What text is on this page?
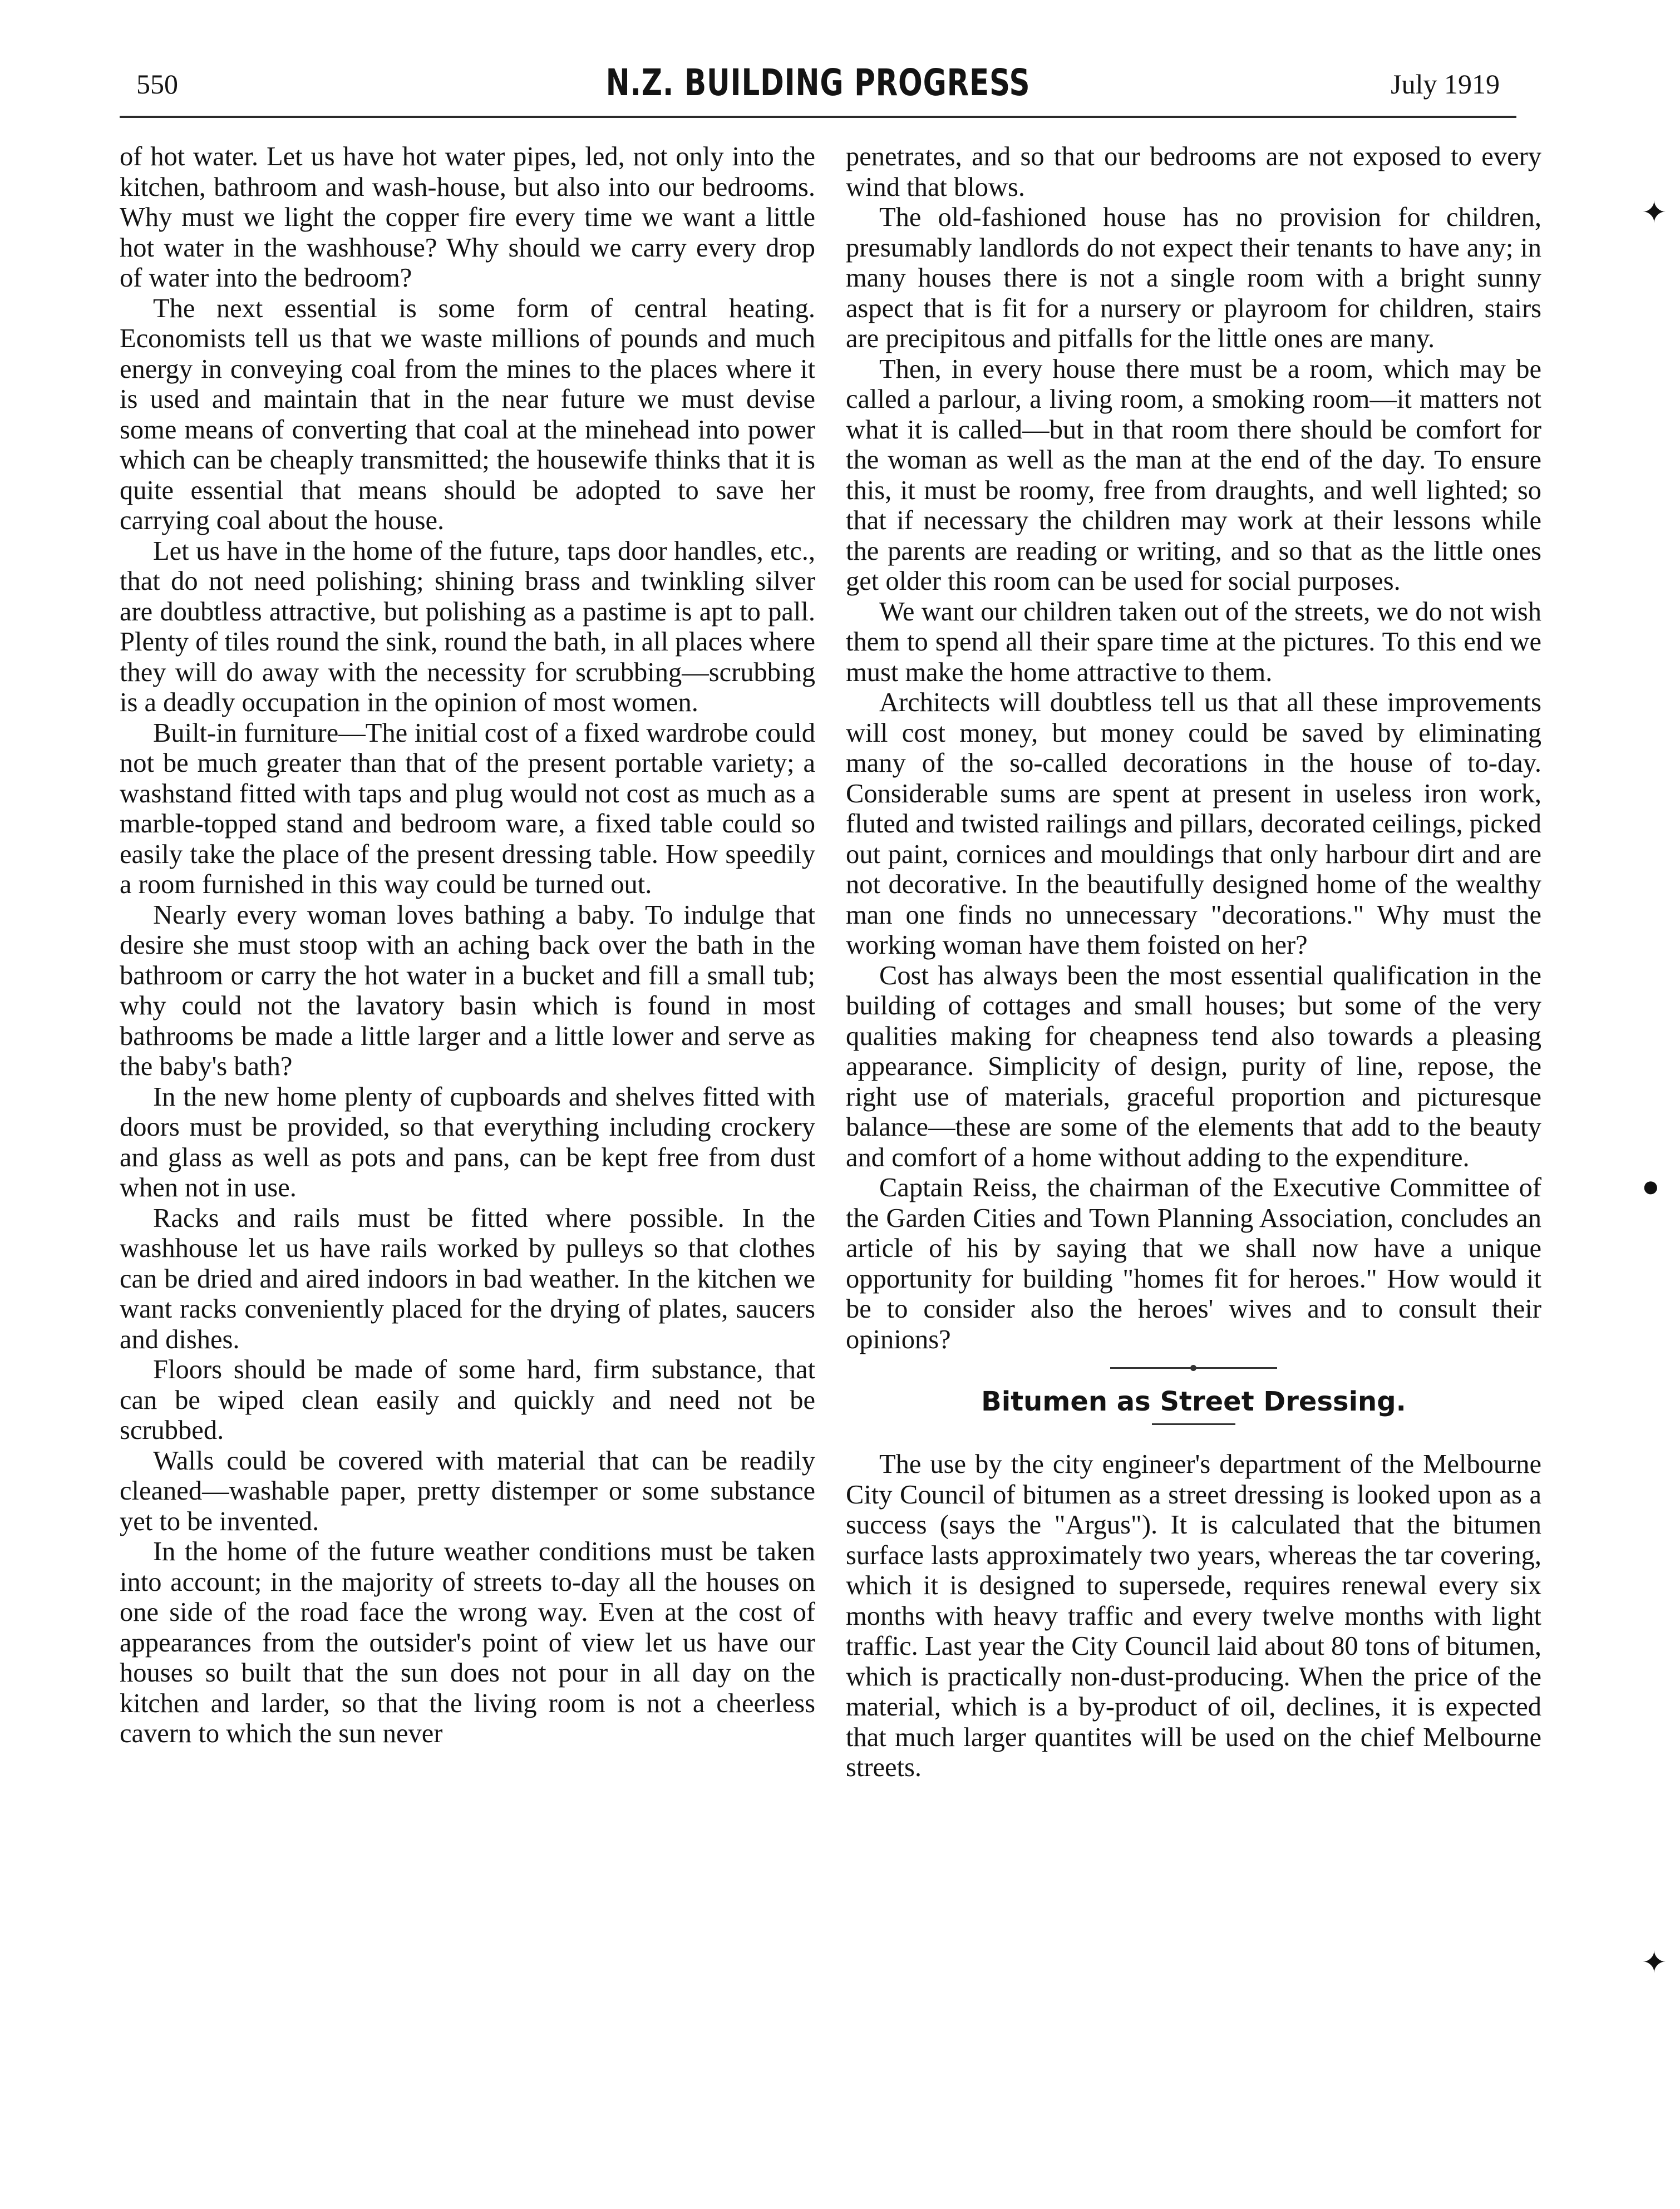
550	N.Z. BUILDING PROGRESS	July 1919

of hot water. Let us have hot water pipes, led, not only into the kitchen, bathroom and wash-house, but also into our bedrooms. Why must we light the copper fire every time we want a little hot water in the washhouse? Why should we carry every drop of water into the bedroom?

The next essential is some form of central heating. Economists tell us that we waste millions of pounds and much energy in conveying coal from the mines to the places where it is used and maintain that in the near future we must devise some means of converting that coal at the minehead into power which can be cheaply transmitted; the housewife thinks that it is quite essential that means should be adopted to save her carrying coal about the house.

Let us have in the home of the future, taps door handles, etc., that do not need polishing; shining brass and twinkling silver are doubtless attractive, but polishing as a pastime is apt to pall. Plenty of tiles round the sink, round the bath, in all places where they will do away with the necessity for scrubbing—scrubbing is a deadly occupation in the opinion of most women.

Built-in furniture—The initial cost of a fixed wardrobe could not be much greater than that of the present portable variety; a washstand fitted with taps and plug would not cost as much as a marble-topped stand and bedroom ware, a fixed table could so easily take the place of the present dressing table. How speedily a room furnished in this way could be turned out.

Nearly every woman loves bathing a baby. To indulge that desire she must stoop with an aching back over the bath in the bathroom or carry the hot water in a bucket and fill a small tub; why could not the lavatory basin which is found in most bathrooms be made a little larger and a little lower and serve as the baby's bath?

In the new home plenty of cupboards and shelves fitted with doors must be provided, so that everything including crockery and glass as well as pots and pans, can be kept free from dust when not in use.

Racks and rails must be fitted where possible. In the washhouse let us have rails worked by pulleys so that clothes can be dried and aired indoors in bad weather. In the kitchen we want racks conveniently placed for the drying of plates, saucers and dishes.

Floors should be made of some hard, firm substance, that can be wiped clean easily and quickly and need not be scrubbed.

Walls could be covered with material that can be readily cleaned—washable paper, pretty distemper or some substance yet to be invented.

In the home of the future weather conditions must be taken into account; in the majority of streets to-day all the houses on one side of the road face the wrong way. Even at the cost of appearances from the outsider's point of view let us have our houses so built that the sun does not pour in all day on the kitchen and larder, so that the living room is not a cheerless cavern to which the sun never

penetrates, and so that our bedrooms are not exposed to every wind that blows.

The old-fashioned house has no provision for children, presumably landlords do not expect their tenants to have any; in many houses there is not a single room with a bright sunny aspect that is fit for a nursery or playroom for children, stairs are precipitous and pitfalls for the little ones are many.

Then, in every house there must be a room, which may be called a parlour, a living room, a smoking room—it matters not what it is called—but in that room there should be comfort for the woman as well as the man at the end of the day. To ensure this, it must be roomy, free from draughts, and well lighted; so that if necessary the children may work at their lessons while the parents are reading or writing, and so that as the little ones get older this room can be used for social purposes.

We want our children taken out of the streets, we do not wish them to spend all their spare time at the pictures. To this end we must make the home attractive to them.

Architects will doubtless tell us that all these improvements will cost money, but money could be saved by eliminating many of the so-called decorations in the house of to-day. Considerable sums are spent at present in useless iron work, fluted and twisted railings and pillars, decorated ceilings, picked out paint, cornices and mouldings that only harbour dirt and are not decorative. In the beautifully designed home of the wealthy man one finds no unnecessary "decorations." Why must the working woman have them foisted on her?

Cost has always been the most essential qualification in the building of cottages and small houses; but some of the very qualities making for cheapness tend also towards a pleasing appearance. Simplicity of design, purity of line, repose, the right use of materials, graceful proportion and picturesque balance—these are some of the elements that add to the beauty and comfort of a home without adding to the expenditure.

Captain Reiss, the chairman of the Executive Committee of the Garden Cities and Town Planning Association, concludes an article of his by saying that we shall now have a unique opportunity for building "homes fit for heroes." How would it be to consider also the heroes' wives and to consult their opinions?

Bitumen as Street Dressing.

The use by the city engineer's department of the Melbourne City Council of bitumen as a street dressing is looked upon as a success (says the "Argus"). It is calculated that the bitumen surface lasts approximately two years, whereas the tar covering, which it is designed to supersede, requires renewal every six months with heavy traffic and every twelve months with light traffic. Last year the City Council laid about 80 tons of bitumen, which is practically non-dust-producing. When the price of the material, which is a by-product of oil, declines, it is expected that much larger quantites will be used on the chief Melbourne streets.

✦
●
✦
